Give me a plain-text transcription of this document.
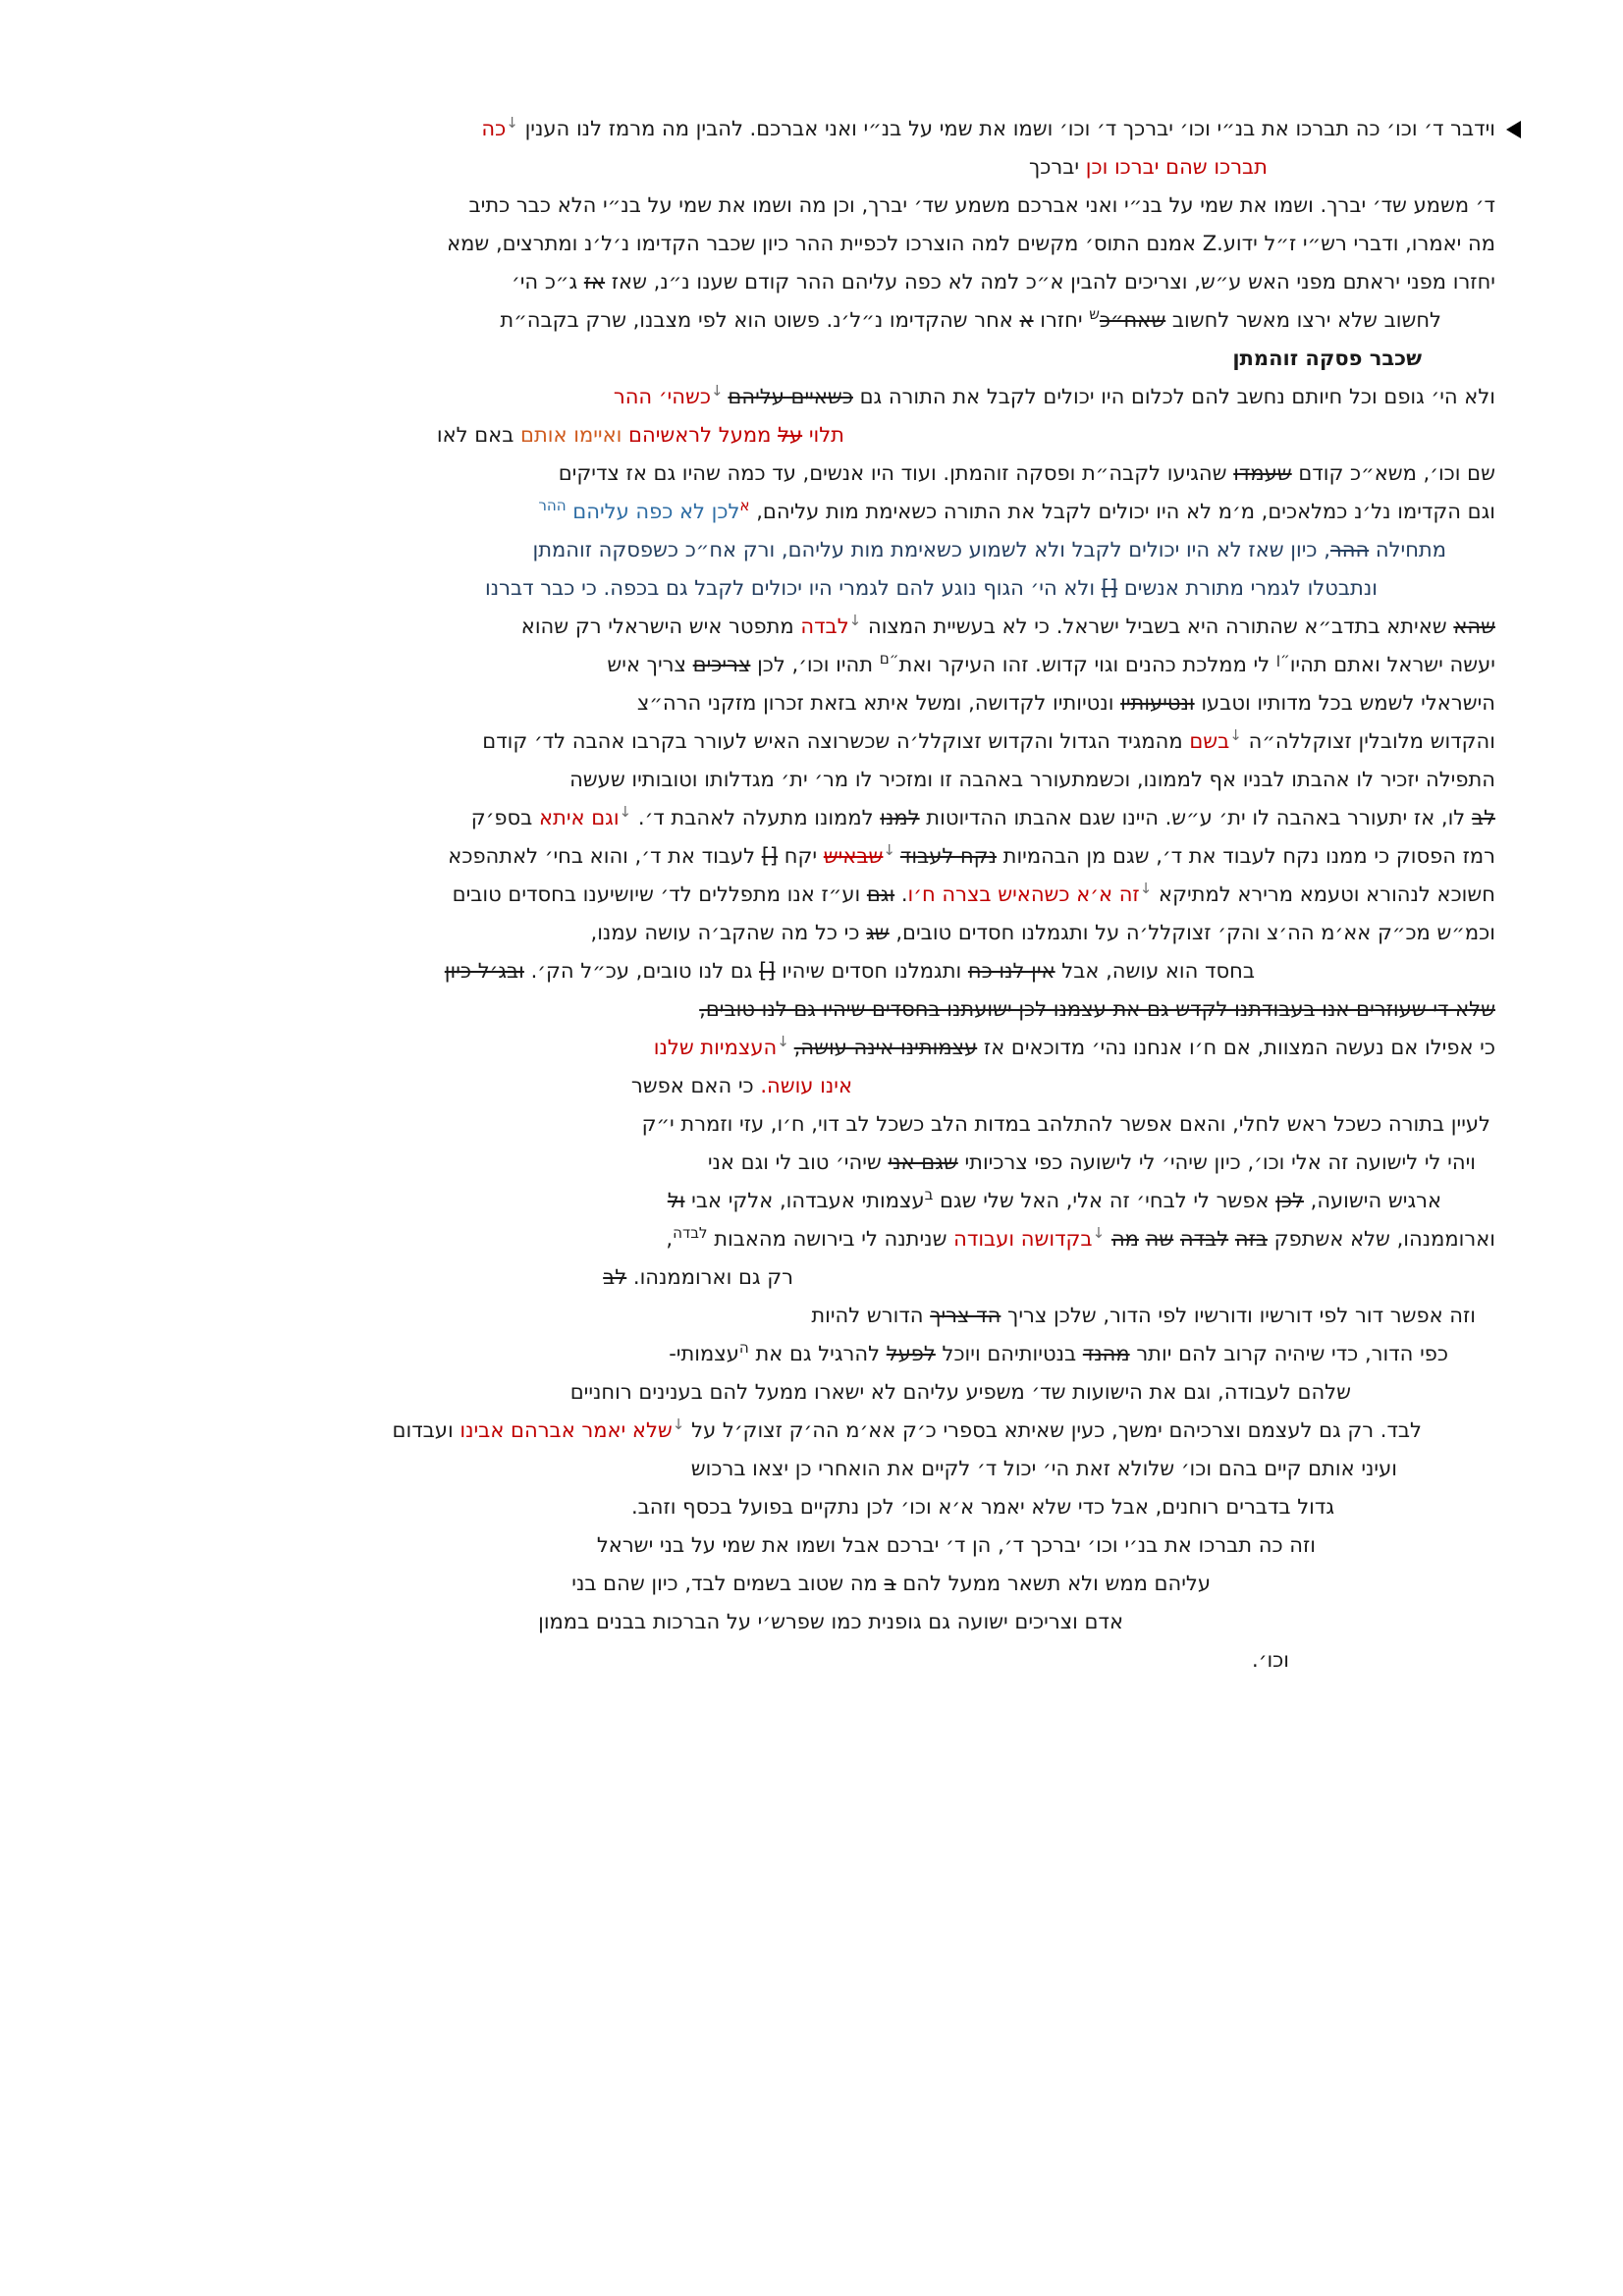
וידבר ד׳ וכו׳ כה תברכו את בנ״י וכו׳ יברכך ד׳ וכו׳ ושמו את שמי על בנ״י ואני אברכם. להבין מה מרמז לנו הענין ↓כה
תברכו שהם יברכו וכן יברכך
ד׳ משמע שד׳ יברך. ושמו את שמי על בנ״י ואני אברכם משמע שד׳ יברך, וכן מה ושמו את שמי על בנ״י הלא כבר כתיב
מה יאמרו, ודברי רש״י ז״ל ידוע.Z אמנם התוס׳ מקשים למה הוצרכו לכפיית ההר כיון שכבר הקדימו נ׳ל׳נ ומתרצים, שמא
יחזרו מפני יראתם מפני האש ע״ש, וצריכים להבין א״כ למה לא כפה עליהם ההר קודם שענו נ״נ, שאז אז ג״כ הי׳
לחשוב שלא ירצו מאשר לחשוב שאח״כ$^ש$ יחזרו א אחר שהקדימו נ״ל׳נ. פשוט הוא לפי מצבנו, שרק בקבה״ת
שכבר פסקה זוהמתן
ולא הי׳ גופם וכל חיותם נחשב להם לכלום היו יכולים לקבל את התורה גם כשאיים עליהם ↓כשהי׳ ההר
תלוי על ממעל לראשיהם ואיימו אותם באם לאו
שם וכו׳, משא״כ קודם שעמדו שהגיעו לקבה״ת ופסקה זוהמתן. ועוד היו אנשים, עד כמה שהיו גם אז צדיקים
וגם הקדימו נל׳נ כמלאכים, מ׳מ לא היו יכולים לקבל את התורה כשאימת מות עליהם, $^א$לכן לא כפה עליהם $^{ההר}$
מתחילה ההר, כיון שאז לא היו יכולים לקבל ולא לשמוע כשאימת מות עליהם, ורק אח״כ כשפסקה זוהמתן
ונתבטלו לגמרי מתורת אנשים [] ולא הי׳ הגוף נוגע להם לגמרי היו יכולים לקבל גם בכפה. כי כבר דברנו
שהא שאיתא בתדב״א שהתורה היא בשביל ישראל. כי לא בעשיית המצוה ↓לבדה מתפטר איש הישראלי רק שהוא
יעשה ישראל ואתם תהיו$^{״ן}$ לי ממלכת כהנים וגוי קדוש. זהו העיקר ואת$^{״ם}$ תהיו וכו׳, לכן צריכים צריך איש
הישראלי לשמש בכל מדותיו וטבעו ונטיעותיו ונטיותיו לקדושה, ומשל איתא בזאת זכרון מזקני הרה״צ
והקדוש מלובלין זצוקללה״ה ↓בשם מהמגיד הגדול והקדוש זצוקלל׳ה שכשרוצה האיש לעורר בקרבו אהבה לד׳ קודם
התפילה יזכיר לו אהבתו לבניו אף לממונו, וכשמתעורר באהבה זו ומזכיר לו מר׳ ית׳ מגדלותו וטובותיו שעשה
לב לו, אז יתעורר באהבה לו ית׳ ע״ש. היינו שגם אהבתו ההדיוטות למנו לממונו מתעלה לאהבת ד׳. ↓וגם איתא בספ׳ק
רמז הפסוק כי ממנו נקח לעבוד את ד׳, שגם מן הבהמיות נקח לעבוד ↓שבאיש יקח [] לעבוד את ד׳, והוא בחי׳ לאתהפכא
חשוכא לנהורא וטעמא מרירא למתיקא ↓זה א׳א כשהאיש בצרה ח׳ו. וגם וע״ז אנו מתפללים לד׳ שיושיענו בחסדים טובים
וכמ״ש מכ״ק אא׳מ הה׳צ והק׳ זצוקלל׳ה על ותגמלנו חסדים טובים, שג כי כל מה שהקב׳ה עושה עמנו,
בחסד הוא עושה, אבל אין לנו כח ותגמלנו חסדים שיהיו [] גם לנו טובים, עכ״ל הק׳. ובג׳ל כיון
שלא די שעוזרים אנו בעבודתנו לקדש גם את עצמנו לכן ישועתנו בחסדים שיהיו גם לנו טובים,
כי אפילו אם נעשה המצוות, אם ח׳ו אנחנו נהי׳ מדוכאים אז עצמותינו אינה עושה, ↓העצמיות שלנו
אינו עושה. כי האם אפשר
לעיין בתורה כשכל ראש לחלי, והאם אפשר להתלהב במדות הלב כשכל לב דוי, ח׳ו, עזי וזמרת י״ק
ויהי לי לישועה זה אלי וכו׳, כיון שיהי׳ לי לישועה כפי צרכיותי שגם אני שיהי׳ טוב לי וגם אני
ארגיש הישועה, לכן אפשר לי לבחי׳ זה אלי, האל שלי שגם $^ב$עצמותי אעבדהו, אלקי אבי ול
וארוממנהו, שלא אשתפק בזה לבדה שה מה ↓בקדושה ועבודה שניתנה לי בירושה מהאבות $^{לבדה}$,
רק גם וארוממנהו. לב
וזה אפשר דור לפי דורשיו ודורשיו לפי הדור, שלכן צריך הד צריך הדורש להיות
כפי הדור, כדי שיהיה קרוב להם יותר מהנד בנטיותיהם ויוכל לפעל להרגיל גם את $^ה$עצמותי-
שלהם לעבודה, וגם את הישועות שד׳ משפיע עליהם לא ישארו ממעל להם בענינים רוחניים
לבד. רק גם לעצמם וצרכיהם ימשך, כעין שאיתא בספרי כ׳ק אא׳מ הה׳ק זצוק׳ל על ↓שלא יאמר אברהם אבינו ועבדום
ועיני אותם קיים בהם וכו׳ שלולא זאת הי׳ יכול ד׳ לקיים את הואחרי כן יצאו ברכוש
גדול בדברים רוחנים, אבל כדי שלא יאמר א׳א וכו׳ לכן נתקיים בפועל בכסף וזהב.
וזה כה תברכו את בנ׳י וכו׳ יברכך ד׳, הן ד׳ יברכם אבל ושמו את שמי על בני ישראל
עליהם ממש ולא תשאר ממעל להם ב מה שטוב בשמים לבד, כיון שהם בני
אדם וצריכים ישועה גם גופנית כמו שפרש׳י על הברכות בבנים בממון
וכו׳.
